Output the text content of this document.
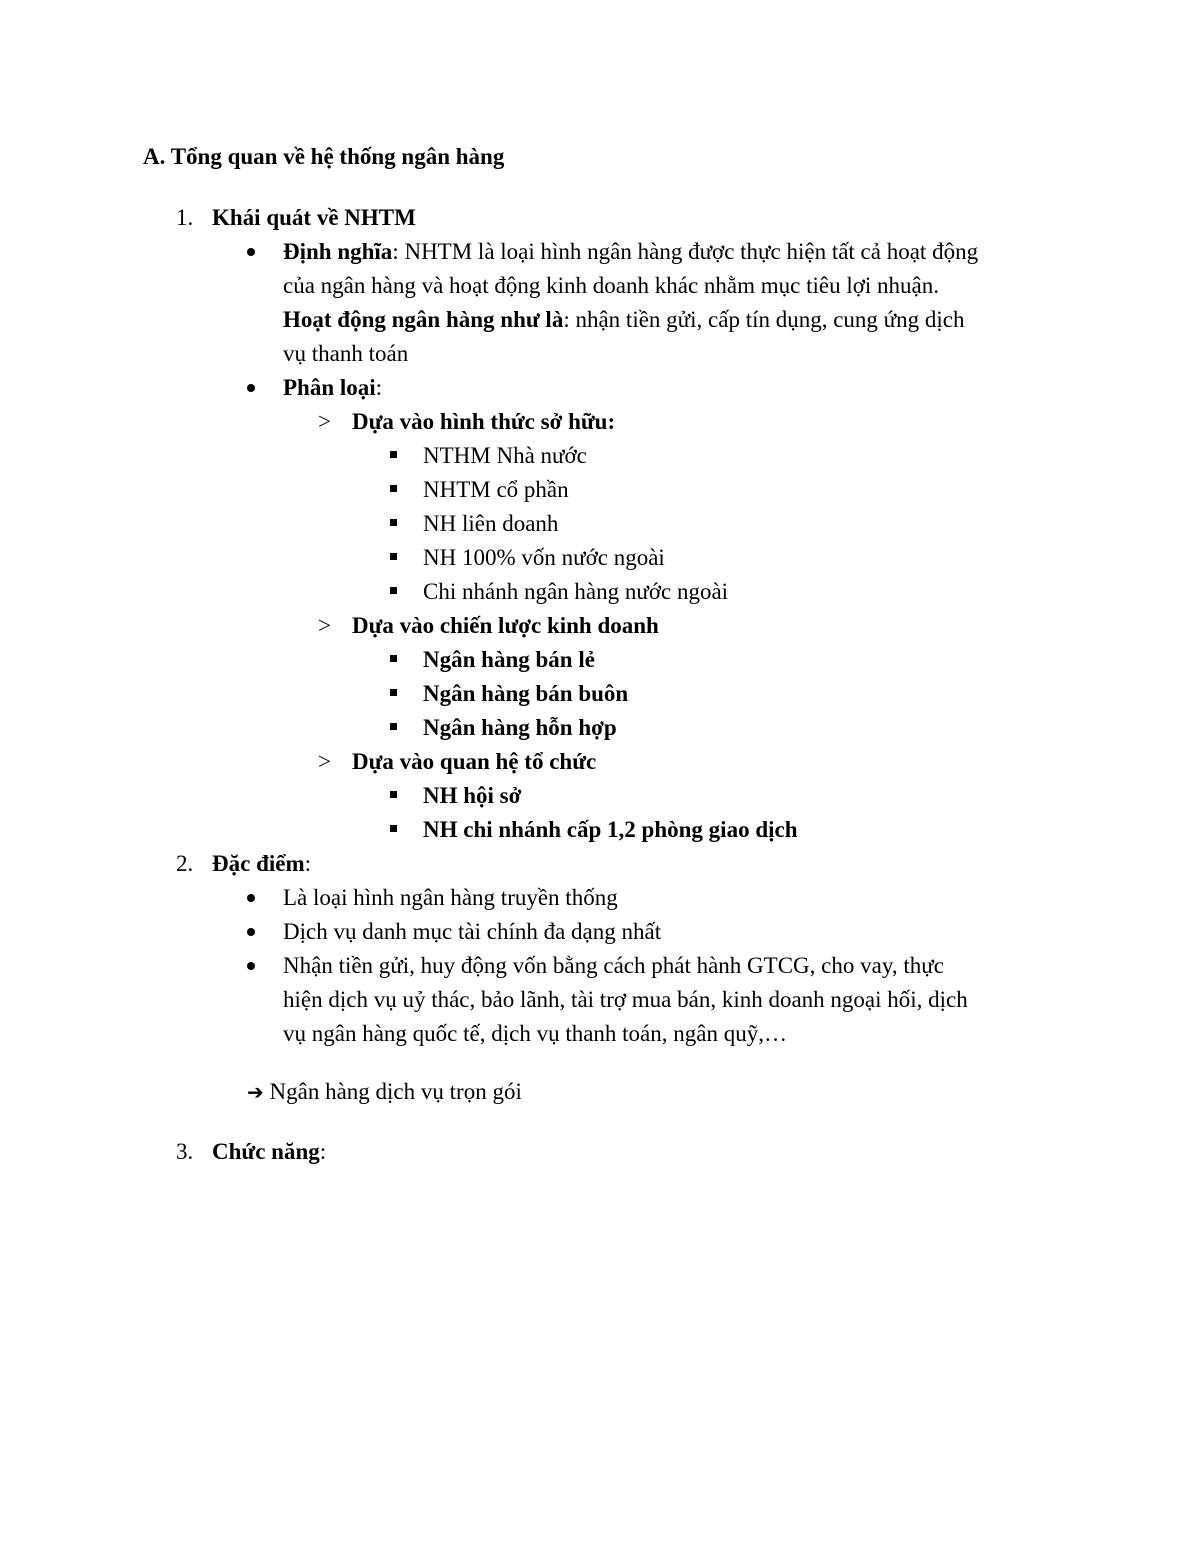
A. Tổng quan về hệ thống ngân hàng
1. Khái quát về NHTM
Định nghĩa: NHTM là loại hình ngân hàng được thực hiện tất cả hoạt động
của ngân hàng và hoạt động kinh doanh khác nhằm mục tiêu lợi nhuận.
Hoạt động ngân hàng như là: nhận tiền gửi, cấp tín dụng, cung ứng dịch
vụ thanh toán
Phân loại:
> Dựa vào hình thức sở hữu:
NTHM Nhà nước
NHTM cổ phần
NH liên doanh
NH 100% vốn nước ngoài
Chi nhánh ngân hàng nước ngoài
> Dựa vào chiến lược kinh doanh
Ngân hàng bán lẻ
Ngân hàng bán buôn
Ngân hàng hỗn hợp
> Dựa vào quan hệ tổ chức
NH hội sở
NH chi nhánh cấp 1,2 phòng giao dịch
2. Đặc điểm:
Là loại hình ngân hàng truyền thống
Dịch vụ danh mục tài chính đa dạng nhất
Nhận tiền gửi, huy động vốn bằng cách phát hành GTCG, cho vay, thực
hiện dịch vụ uỷ thác, bảo lãnh, tài trợ mua bán, kinh doanh ngoại hối, dịch
vụ ngân hàng quốc tế, dịch vụ thanh toán, ngân quỹ,…
➔ Ngân hàng dịch vụ trọn gói
3. Chức năng:
